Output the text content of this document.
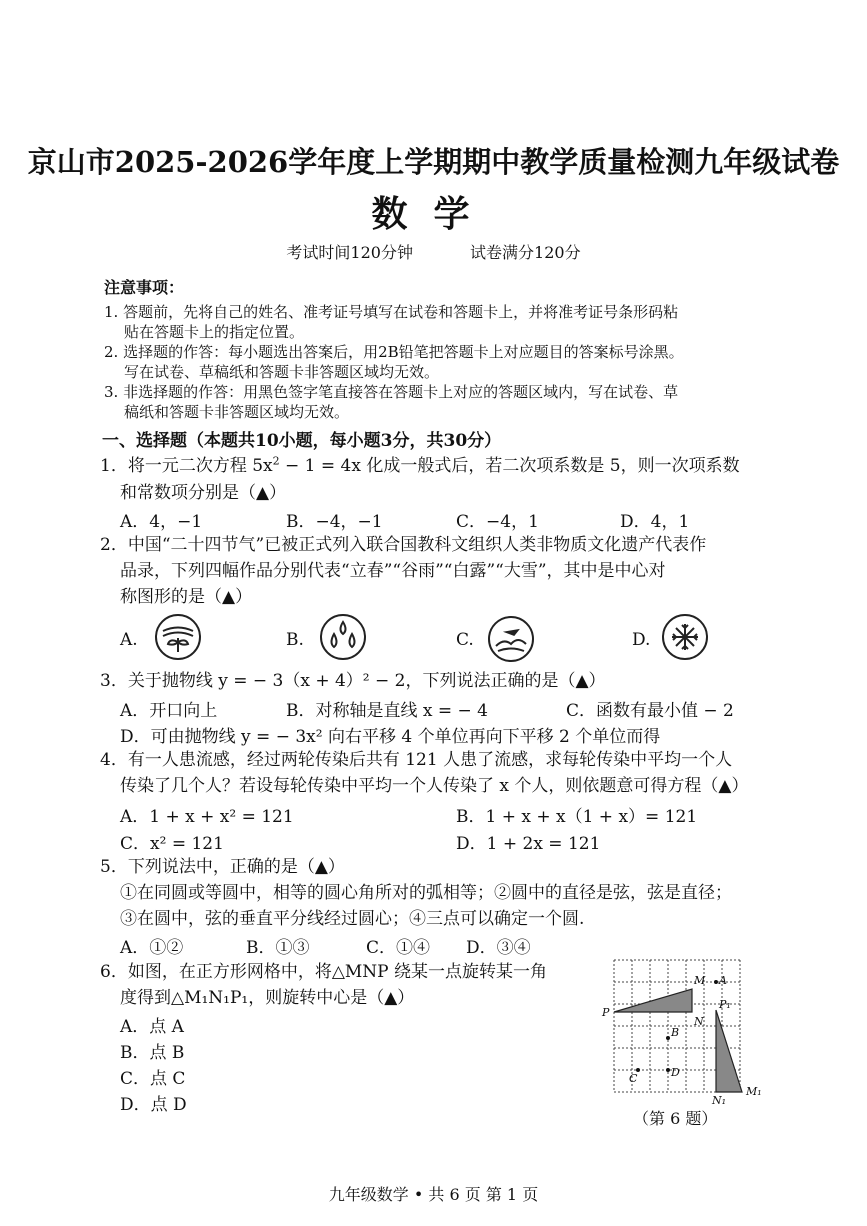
京山市2025-2026学年度上学期期中教学质量检测九年级试卷
数学
考试时间120分钟	试卷满分120分
注意事项：
1. 答题前，先将自己的姓名、准考证号填写在试卷和答题卡上，并将准考证号条形码粘
贴在答题卡上的指定位置。
2. 选择题的作答：每小题选出答案后，用2B铅笔把答题卡上对应题目的答案标号涂黑。
写在试卷、草稿纸和答题卡非答题区域均无效。
3. 非选择题的作答：用黑色签字笔直接答在答题卡上对应的答题区域内，写在试卷、草
稿纸和答题卡非答题区域均无效。
一、选择题（本题共10小题，每小题3分，共30分）
1．将一元二次方程 $5x^2 - 1 = 4x$ 化成一般式后，若二次项系数是 5，则一次项系数
和常数项分别是（▲）
A．4，−1	B．−4，−1	C．−4，1	D．4，1
2．中国“二十四节气”已被正式列入联合国教科文组织人类非物质文化遗产代表作
品录，下列四幅作品分别代表“立春”“谷雨”“白露”“大雪”，其中是中心对
称图形的是（▲）
A.	B.	C.	D.
3．关于抛物线 y = − 3（x + 4）² − 2，下列说法正确的是（▲）
A．开口向上	B．对称轴是直线 x = − 4	C．函数有最小值 − 2
D．可由抛物线 y = − 3x² 向右平移 4 个单位再向下平移 2 个单位而得
4．有一人患流感，经过两轮传染后共有 121 人患了流感，求每轮传染中平均一个人
传染了几个人？若设每轮传染中平均一个人传染了 x 个人，则依题意可得方程（▲）
A．1 + x + x² = 121	B．1 + x + x（1 + x）= 121
C．x² = 121	D．1 + 2x = 121
5．下列说法中，正确的是（▲）
①在同圆或等圆中，相等的圆心角所对的弧相等；②圆中的直径是弦，弦是直径；
③在圆中，弦的垂直平分线经过圆心；④三点可以确定一个圆.
A．①②	B．①③	C．①④ D．③④
6．如图，在正方形网格中，将△MNP 绕某一点旋转某一角
度得到△M₁N₁P₁，则旋转中心是（▲）
A．点 A
B．点 B
C．点 C
D．点 D
M A
P
P₁
N
B
C	D
N₁
M₁
（第 6 题）
九年级数学 • 共 6 页 第 1 页
